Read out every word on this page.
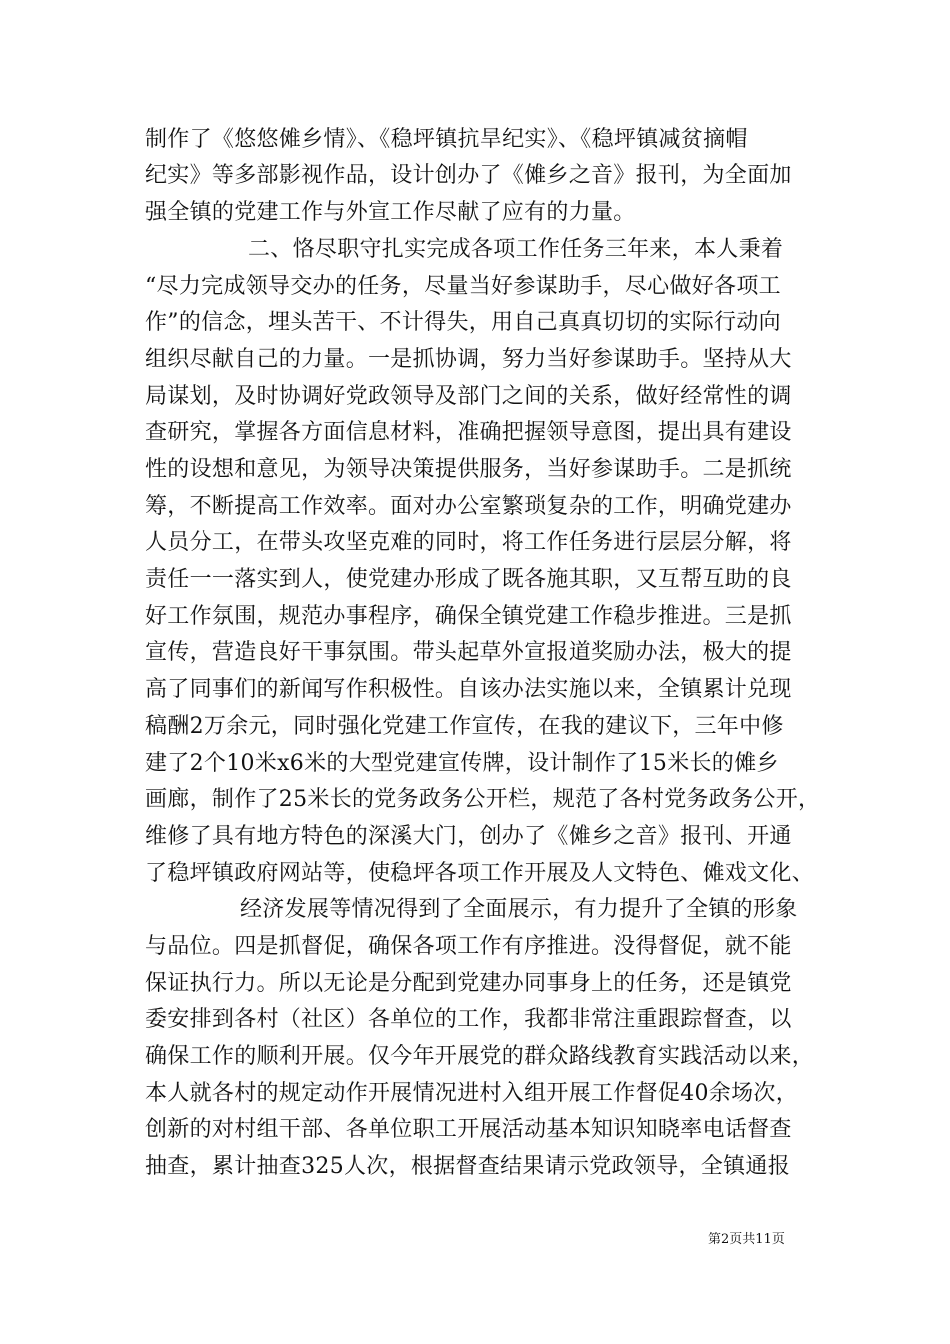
制作了《悠悠傩乡情》、《稳坪镇抗旱纪实》、《稳坪镇减贫摘帽
纪实》等多部影视作品，设计创办了《傩乡之音》报刊，为全面加
强全镇的党建工作与外宣工作尽献了应有的力量。
二、恪尽职守扎实完成各项工作任务三年来，本人秉着
“尽力完成领导交办的任务，尽量当好参谋助手，尽心做好各项工
作”的信念，埋头苦干、不计得失，用自己真真切切的实际行动向
组织尽献自己的力量。一是抓协调，努力当好参谋助手。坚持从大
局谋划，及时协调好党政领导及部门之间的关系，做好经常性的调
查研究，掌握各方面信息材料，准确把握领导意图，提出具有建设
性的设想和意见，为领导决策提供服务，当好参谋助手。二是抓统
筹，不断提高工作效率。面对办公室繁琐复杂的工作，明确党建办
人员分工，在带头攻坚克难的同时，将工作任务进行层层分解，将
责任一一落实到人，使党建办形成了既各施其职，又互帮互助的良
好工作氛围，规范办事程序，确保全镇党建工作稳步推进。三是抓
宣传，营造良好干事氛围。带头起草外宣报道奖励办法，极大的提
高了同事们的新闻写作积极性。自该办法实施以来，全镇累计兑现
稿酬2万余元，同时强化党建工作宣传，在我的建议下，三年中修
建了2个10米x6米的大型党建宣传牌，设计制作了15米长的傩乡
画廊，制作了25米长的党务政务公开栏，规范了各村党务政务公开，
维修了具有地方特色的深溪大门，创办了《傩乡之音》报刊、开通
了稳坪镇政府网站等，使稳坪各项工作开展及人文特色、傩戏文化、
经济发展等情况得到了全面展示，有力提升了全镇的形象
与品位。四是抓督促，确保各项工作有序推进。没得督促，就不能
保证执行力。所以无论是分配到党建办同事身上的任务，还是镇党
委安排到各村（社区）各单位的工作，我都非常注重跟踪督查，以
确保工作的顺利开展。仅今年开展党的群众路线教育实践活动以来，
本人就各村的规定动作开展情况进村入组开展工作督促40余场次，
创新的对村组干部、各单位职工开展活动基本知识知晓率电话督查
抽查，累计抽查325人次，根据督查结果请示党政领导，全镇通报
第2页共11页
